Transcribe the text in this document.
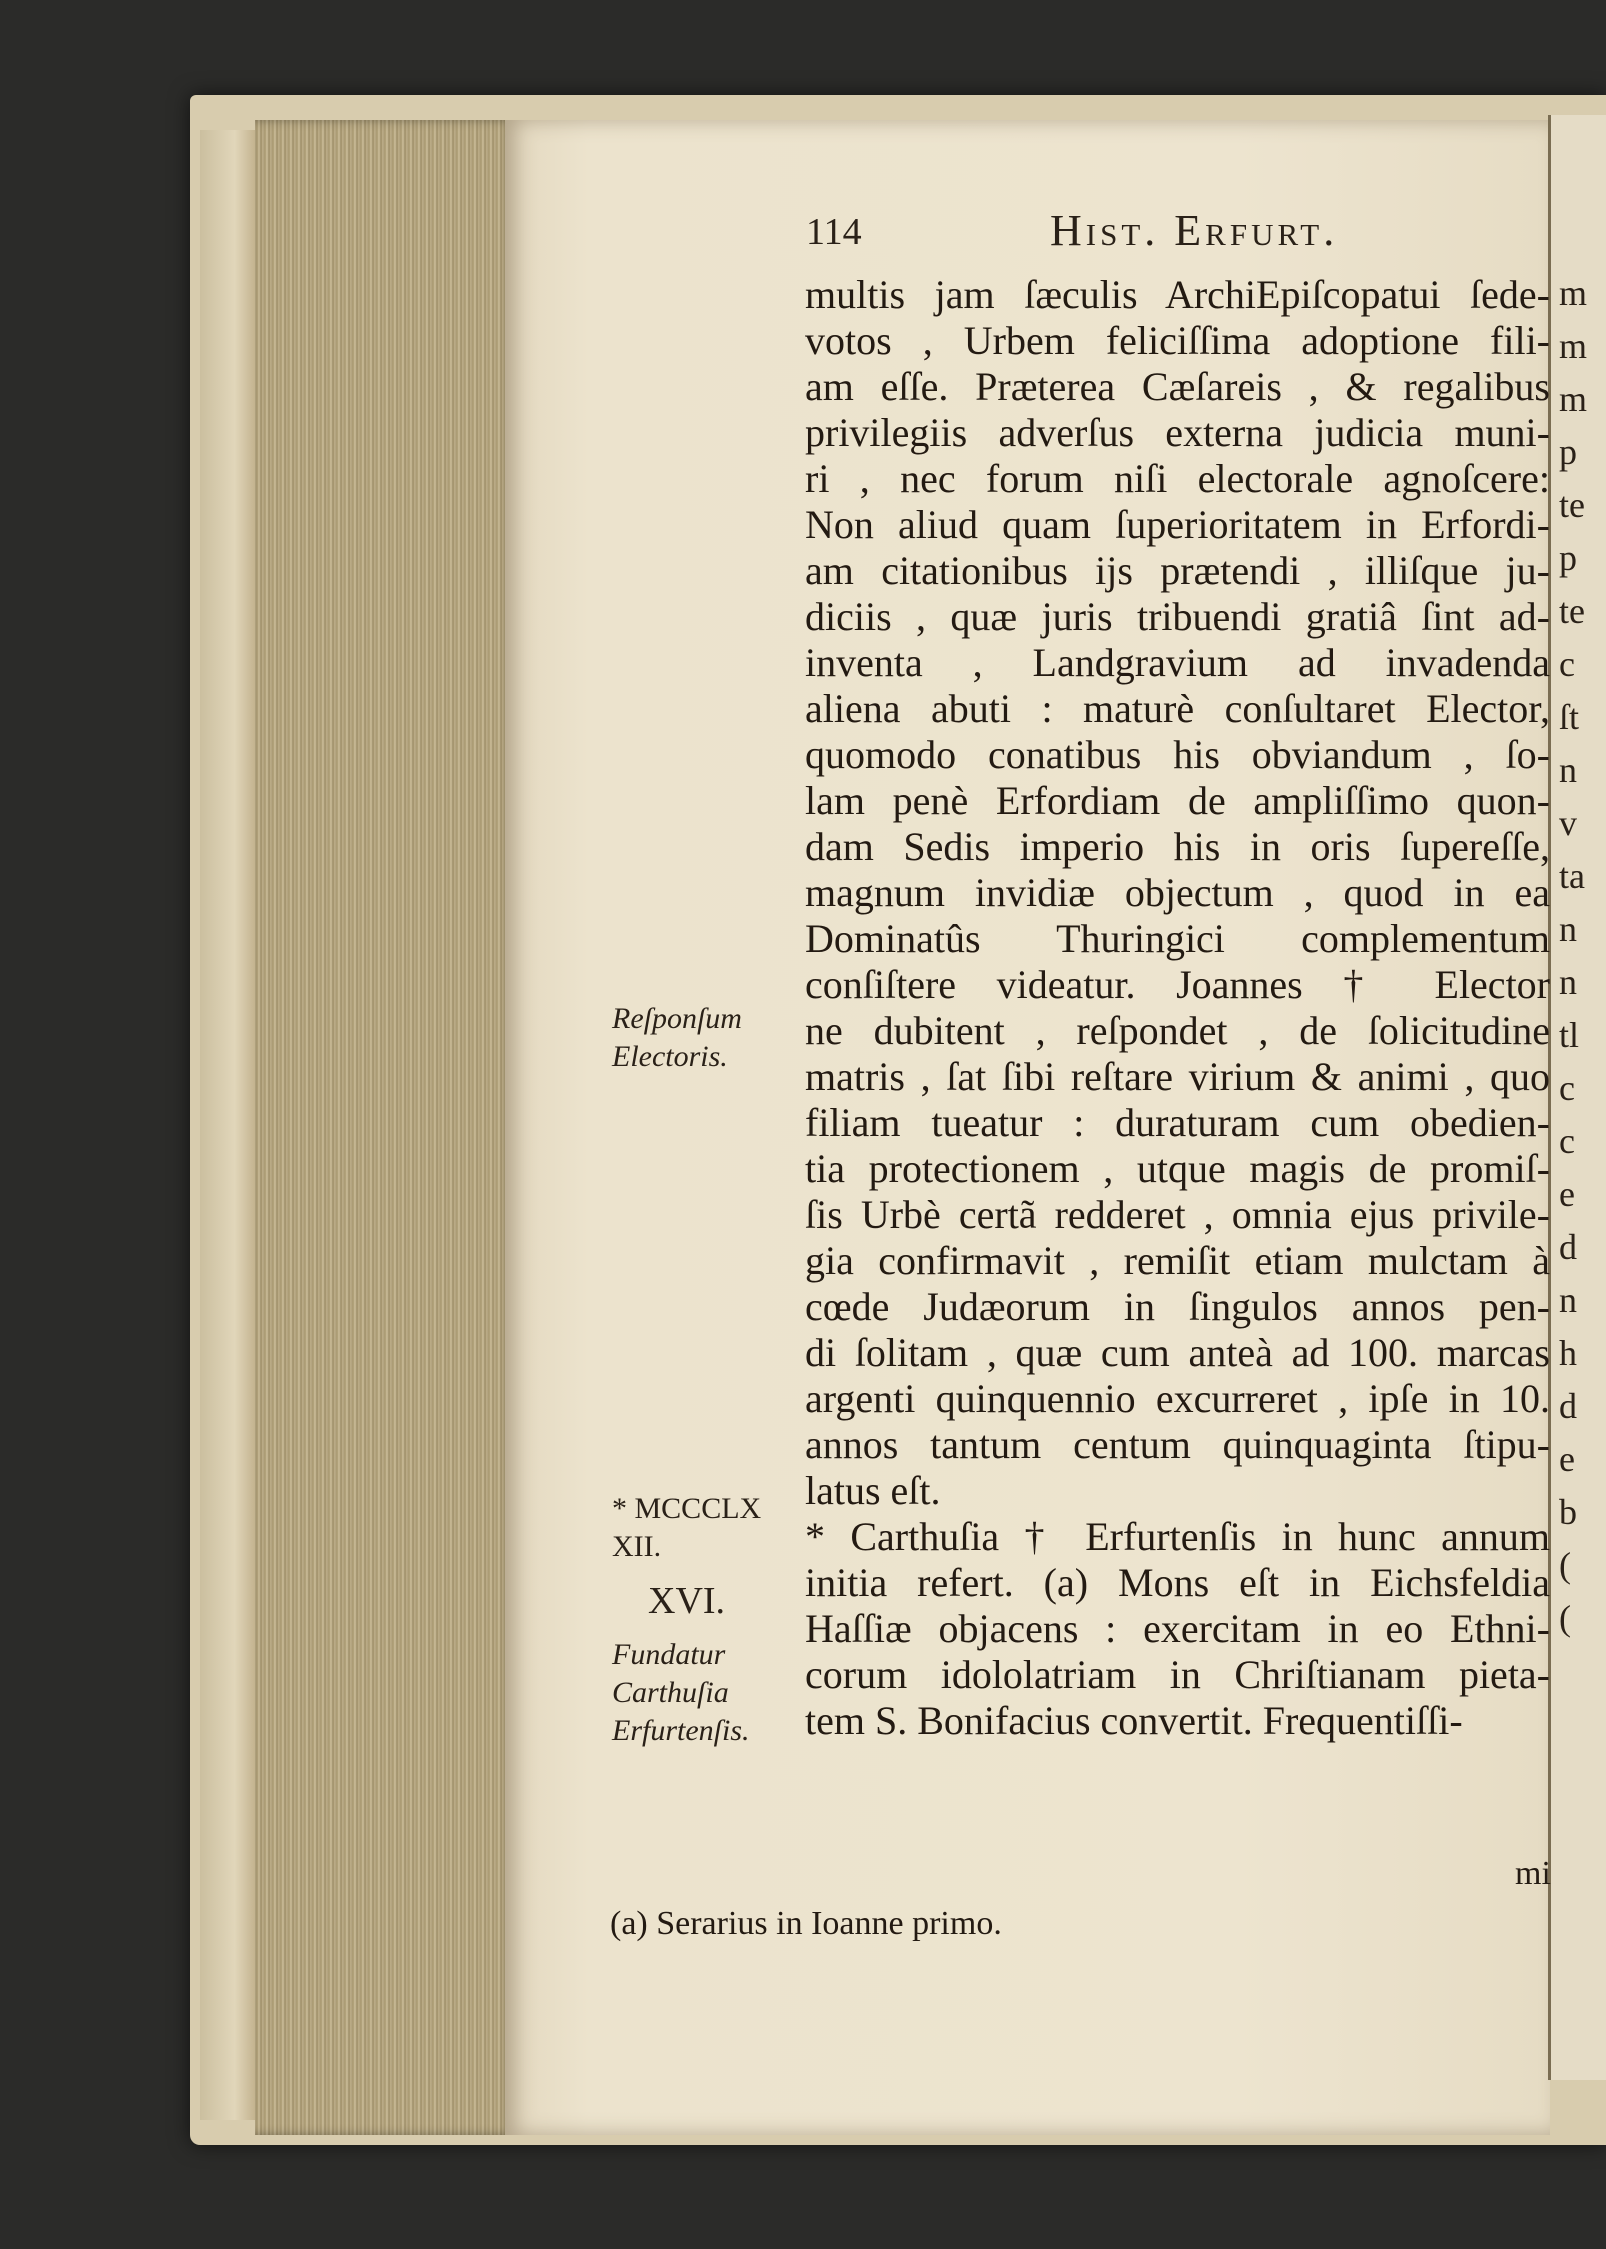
m
m
m
p
te
p
te
c
ſt
n
v
ta
n
n
tl
c
c
e
d
n
h
d
e
b
(
(
114	Hist. Erfurt.
multis jam ſæculis ArchiEpiſcopatui ſede-
votos , Urbem feliciſſima adoptione fili-
am eſſe. Præterea Cæſareis , & regalibus
privilegiis adverſus externa judicia muni-
ri , nec forum niſi electorale agnoſcere:
Non aliud quam ſuperioritatem in Erfordi-
am citationibus ijs prætendi , illiſque ju-
diciis , quæ juris tribuendi gratiâ ſint ad-
inventa , Landgravium ad invadenda
aliena abuti : maturè conſultaret Elector,
quomodo conatibus his obviandum , ſo-
lam penè Erfordiam de ampliſſimo quon-
dam Sedis imperio his in oris ſupereſſe,
magnum invidiæ objectum , quod in ea
Dominatûs Thuringici complementum
conſiſtere videatur. Joannes † Elector
ne dubitent , reſpondet , de ſolicitudine
matris , ſat ſibi reſtare virium & animi , quo
filiam tueatur : duraturam cum obedien-
tia protectionem , utque magis de promiſ-
ſis Urbè certã redderet , omnia ejus privile-
gia confirmavit , remiſit etiam mulctam à
cœde Judæorum in ſingulos annos pen-
di ſolitam , quæ cum anteà ad 100. marcas
argenti quinquennio excurreret , ipſe in 10.
annos tantum centum quinquaginta ſtipu-
latus eſt.
* Carthuſia † Erfurtenſis in hunc annum
initia refert. (a) Mons eſt in Eichsfeldia
Haſſiæ objacens : exercitam in eo Ethni-
corum idololatriam in Chriſtianam pieta-
tem S. Bonifacius convertit. Frequentiſſi-
Reſponſum
Electoris.
* MCCCLX
XII.
XVI.
Fundatur
Carthuſia
Erfurtenſis.
mi
(a) Serarius in Ioanne primo.
